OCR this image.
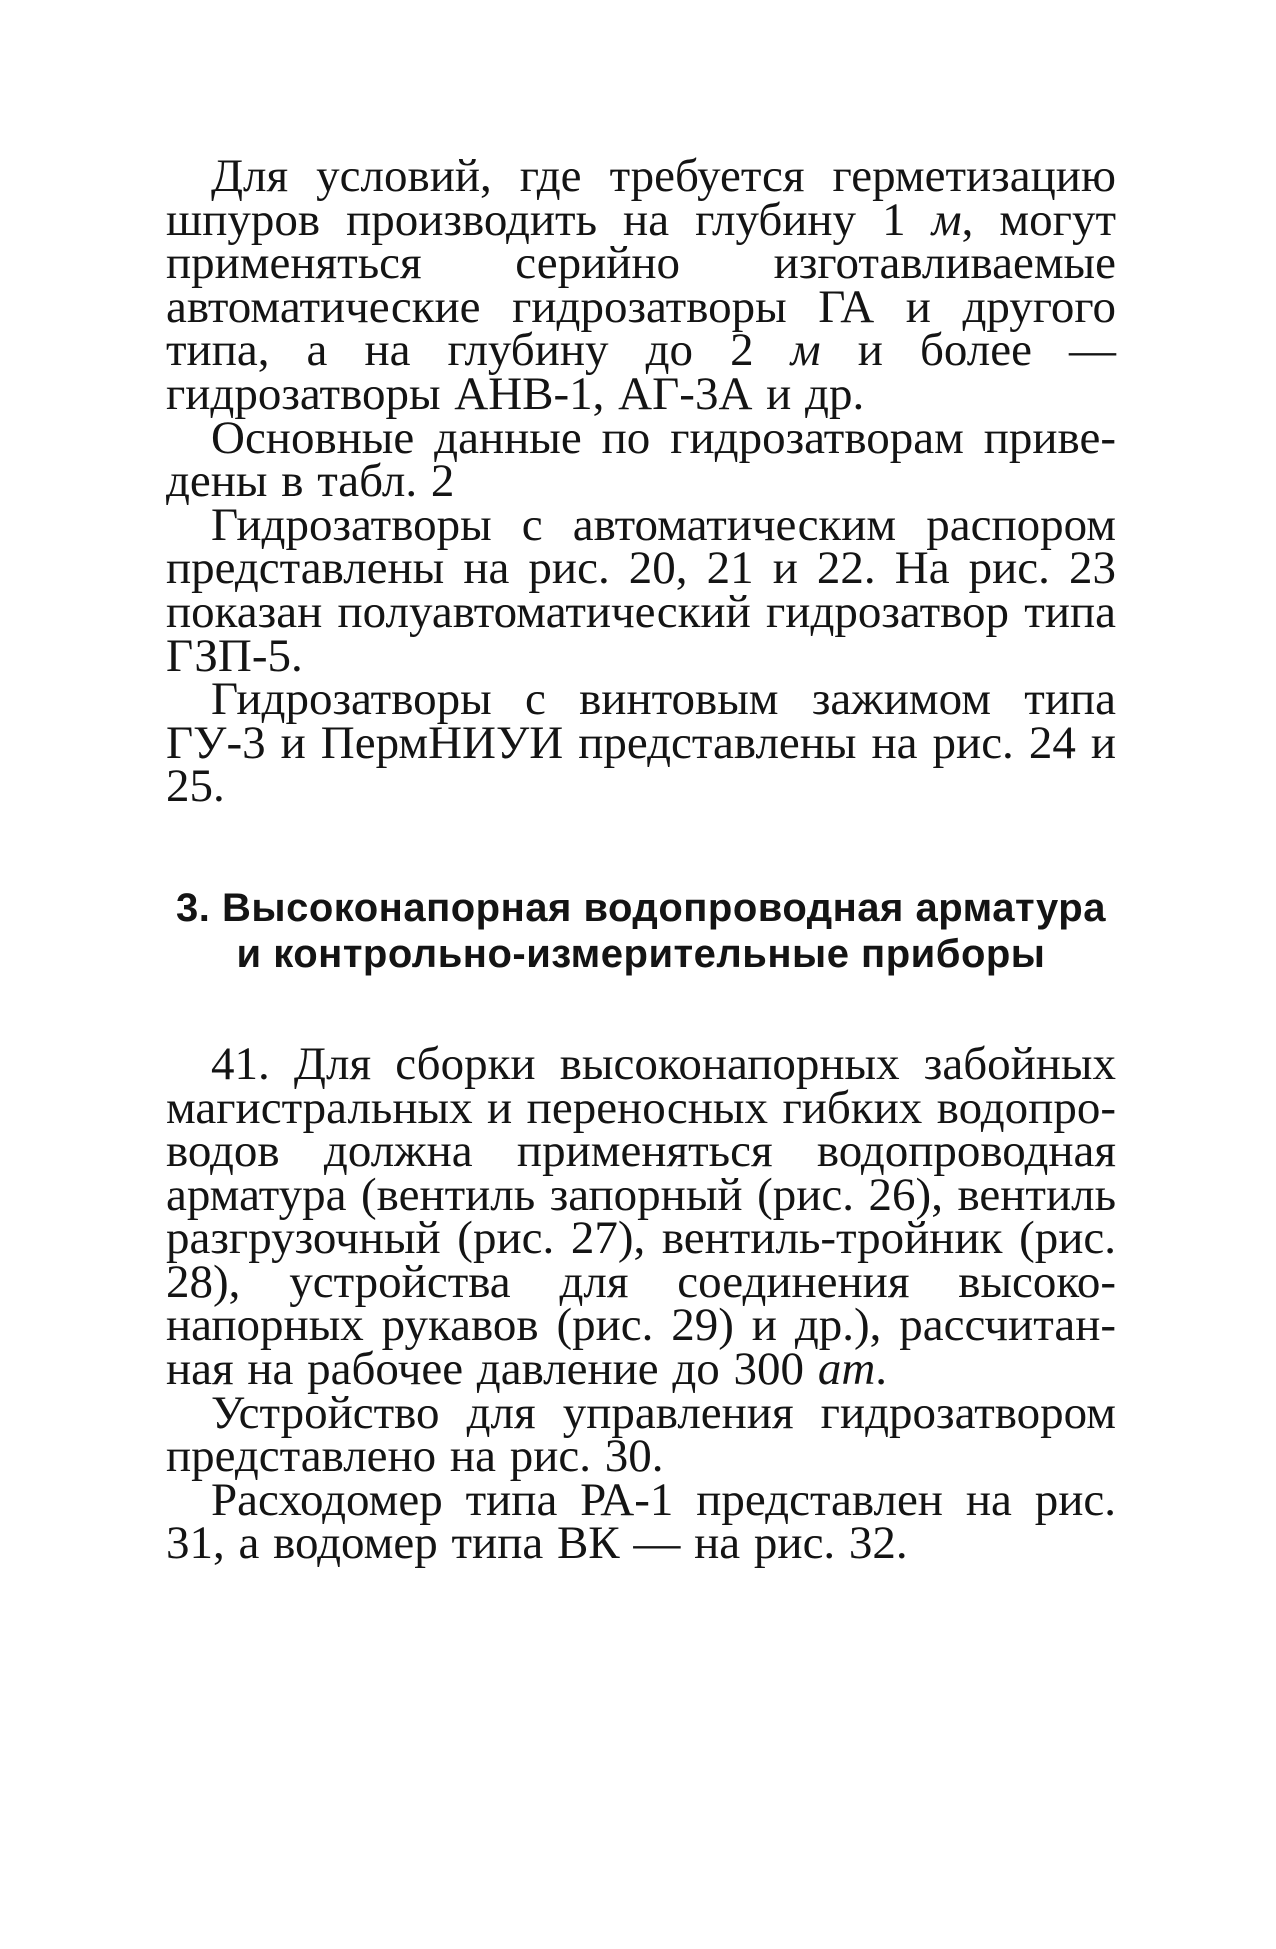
Для условий, где требуется герметизацию шпуров производить на глубину 1 м, могут применяться серийно изготавливаемые автоматические гидрозатворы ГА и другого типа, а на глубину до 2 м и более — гидрозатворы АНВ-1, АГ-3А и др.

Основные данные по гидрозатворам приведены в табл. 2

Гидрозатворы с автоматическим распором представлены на рис. 20, 21 и 22. На рис. 23 показан полуавтоматический гидрозатвор типа ГЗП-5.

Гидрозатворы с винтовым зажимом типа ГУ-3 и ПермНИУИ представлены на рис. 24 и 25.

3. Высоконапорная водопроводная арматура
и контрольно-измерительные приборы

41. Для сборки высоконапорных забойных магистральных и переносных гибких водопроводов должна применяться водопроводная арматура (вентиль запорный (рис. 26), вентиль разгрузочный (рис. 27), вентиль-тройник (рис. 28), устройства для соединения высоконапорных рукавов (рис. 29) и др.), рассчитанная на рабочее давление до 300 ат.

Устройство для управления гидрозатвором представлено на рис. 30.

Расходомер типа РА-1 представлен на рис. 31, а водомер типа ВК — на рис. 32.
